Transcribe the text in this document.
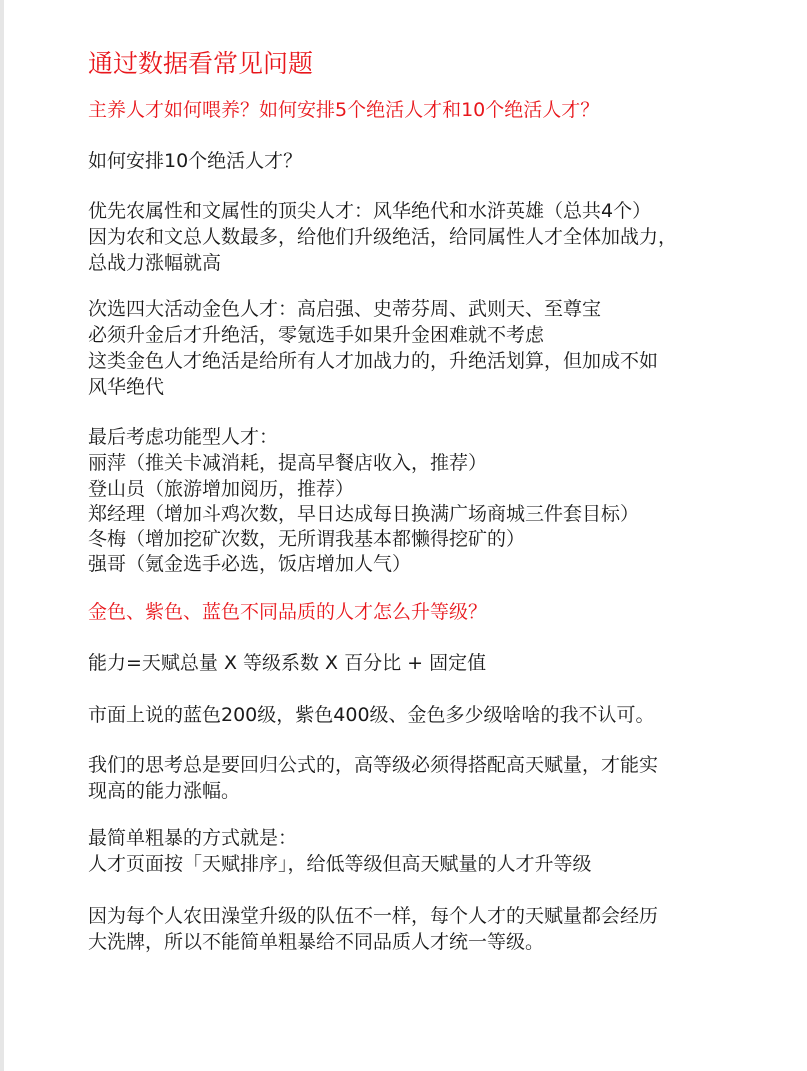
通过数据看常见问题
主养人才如何喂养？如何安排5个绝活人才和10个绝活人才？
如何安排10个绝活人才？
优先农属性和文属性的顶尖人才：风华绝代和水浒英雄（总共4个）
因为农和文总人数最多，给他们升级绝活，给同属性人才全体加战力，
总战力涨幅就高
次选四大活动金色人才：高启强、史蒂芬周、武则天、至尊宝
必须升金后才升绝活，零氪选手如果升金困难就不考虑
这类金色人才绝活是给所有人才加战力的，升绝活划算，但加成不如
风华绝代
最后考虑功能型人才：
丽萍（推关卡减消耗，提高早餐店收入，推荐）
登山员（旅游增加阅历，推荐）
郑经理（增加斗鸡次数，早日达成每日换满广场商城三件套目标）
冬梅（增加挖矿次数，无所谓我基本都懒得挖矿的）
强哥（氪金选手必选，饭店增加人气）
金色、紫色、蓝色不同品质的人才怎么升等级？
能力=天赋总量 X 等级系数 X 百分比 + 固定值
市面上说的蓝色200级，紫色400级、金色多少级啥啥的我不认可。
我们的思考总是要回归公式的，高等级必须得搭配高天赋量，才能实
现高的能力涨幅。
最简单粗暴的方式就是：
人才页面按「天赋排序」，给低等级但高天赋量的人才升等级
因为每个人农田澡堂升级的队伍不一样，每个人才的天赋量都会经历
大洗牌，所以不能简单粗暴给不同品质人才统一等级。
